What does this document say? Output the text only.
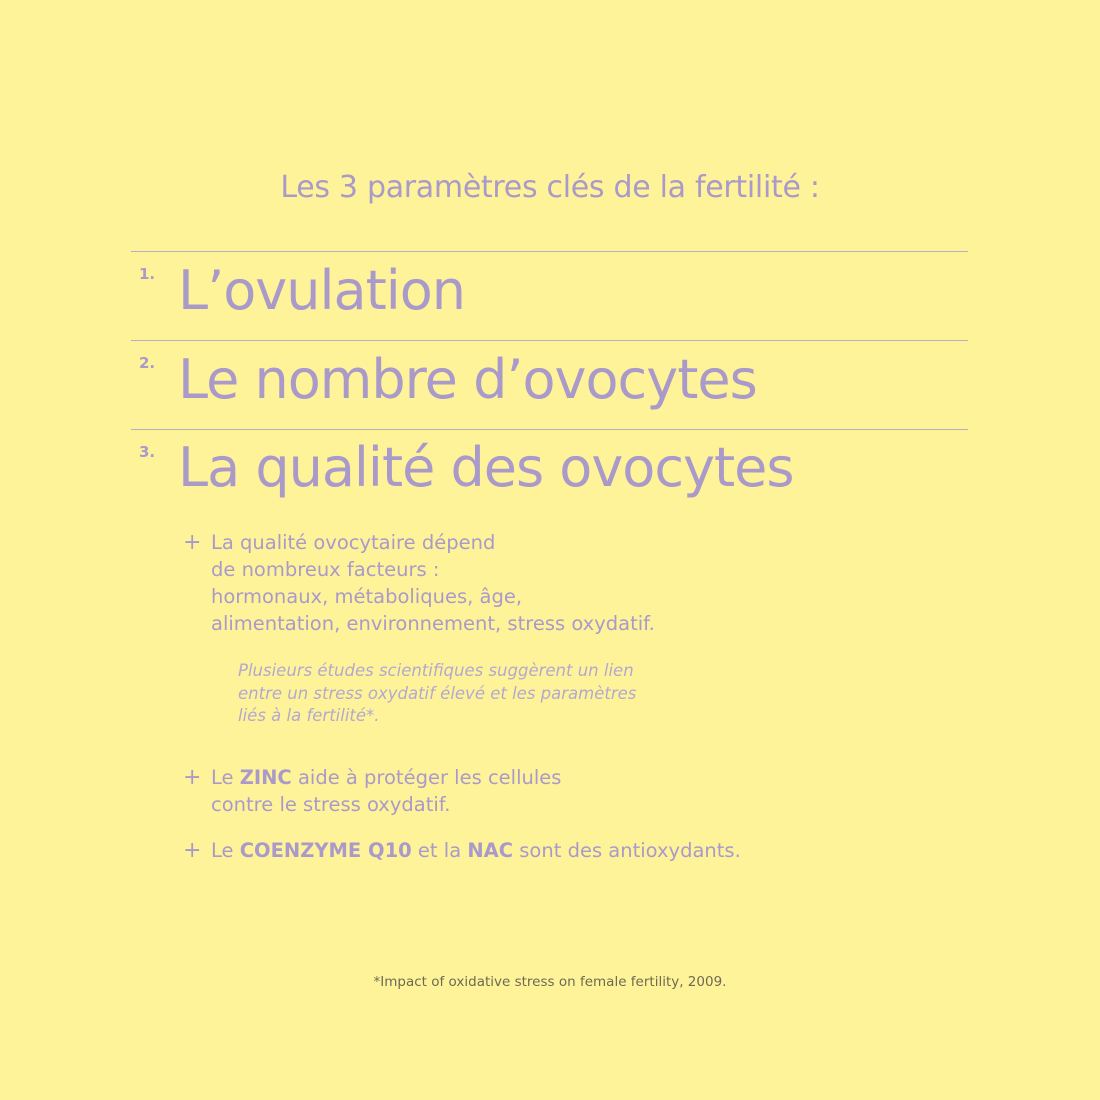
Les 3 paramètres clés de la fertilité :
1. L’ovulation
2. Le nombre d’ovocytes
3. La qualité des ovocytes
+ La qualité ovocytaire dépend
de nombreux facteurs :
hormonaux, métaboliques, âge,
alimentation, environnement, stress oxydatif.
Plusieurs études scientifiques suggèrent un lien
entre un stress oxydatif élevé et les paramètres
liés à la fertilité*.
+ Le ZINC aide à protéger les cellules
contre le stress oxydatif.
+ Le COENZYME Q10 et la NAC sont des antioxydants.
*Impact of oxidative stress on female fertility, 2009.
